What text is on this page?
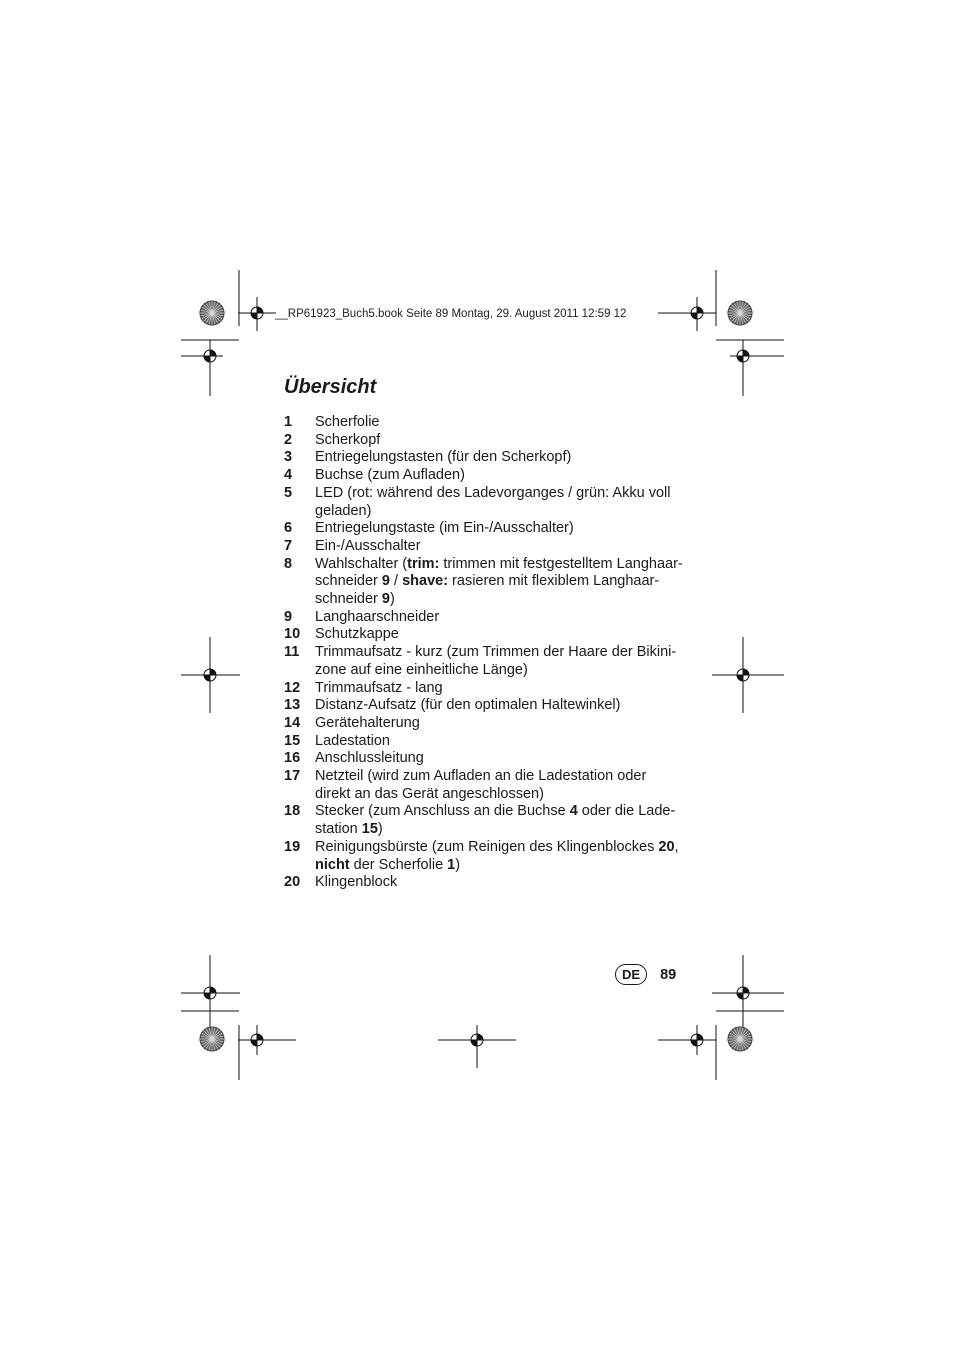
__RP61923_Buch5.book Seite 89 Montag, 29. August 2011 12:59 12
Übersicht
1	Scherfolie
2	Scherkopf
3	Entriegelungstasten (für den Scherkopf)
4	Buchse (zum Aufladen)
5	LED (rot: während des Ladevorganges / grün: Akku voll geladen)
6	Entriegelungstaste (im Ein-/Ausschalter)
7	Ein-/Ausschalter
8	Wahlschalter (trim: trimmen mit festgestelltem Langhaar-schneider 9 / shave: rasieren mit flexiblem Langhaar-schneider 9)
9	Langhaarschneider
10	Schutzkappe
11	Trimmaufsatz - kurz (zum Trimmen der Haare der Bikini-zone auf eine einheitliche Länge)
12	Trimmaufsatz - lang
13	Distanz-Aufsatz (für den optimalen Haltewinkel)
14	Gerätehalterung
15	Ladestation
16	Anschlussleitung
17	Netzteil (wird zum Aufladen an die Ladestation oder direkt an das Gerät angeschlossen)
18	Stecker (zum Anschluss an die Buchse 4 oder die Lade-station 15)
19	Reinigungsbürste (zum Reinigen des Klingenblockes 20, nicht der Scherfolie 1)
20	Klingenblock
DE	89
